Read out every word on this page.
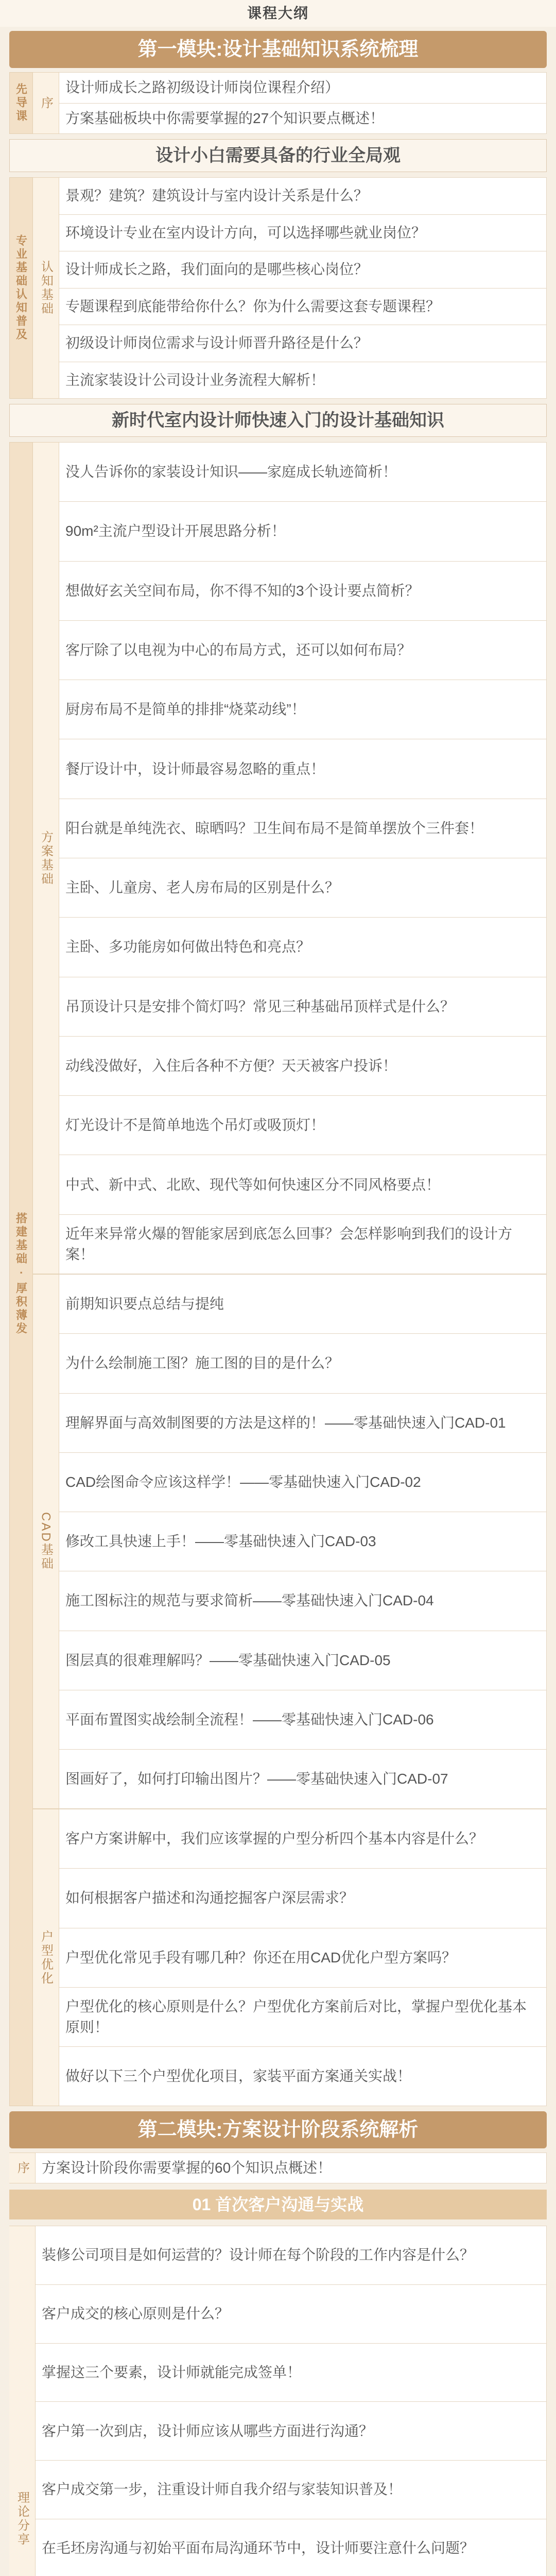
课程大纲
第一模块:设计基础知识系统梳理
先导课 序
设计师成长之路初级设计师岗位课程介绍）
方案基础板块中你需要掌握的27个知识要点概述！
设计小白需要具备的行业全局观
专业基础认知普及 认知基础
景观？建筑？建筑设计与室内设计关系是什么？
环境设计专业在室内设计方向，可以选择哪些就业岗位？
设计师成长之路，我们面向的是哪些核心岗位？
专题课程到底能带给你什么？你为什么需要这套专题课程？
初级设计师岗位需求与设计师晋升路径是什么？
主流家装设计公司设计业务流程大解析！
新时代室内设计师快速入门的设计基础知识
搭建基础 · 厚积薄发
方案基础
没人告诉你的家装设计知识——家庭成长轨迹简析！
90m²主流户型设计开展思路分析！
想做好玄关空间布局，你不得不知的3个设计要点简析？
客厅除了以电视为中心的布局方式，还可以如何布局？
厨房布局不是简单的排排“烧菜动线”！
餐厅设计中，设计师最容易忽略的重点！
阳台就是单纯洗衣、晾晒吗？卫生间布局不是简单摆放个三件套！
主卧、儿童房、老人房布局的区别是什么？
主卧、多功能房如何做出特色和亮点？
吊顶设计只是安排个简灯吗？常见三种基础吊顶样式是什么？
动线没做好，入住后各种不方便？天天被客户投诉！
灯光设计不是简单地选个吊灯或吸顶灯！
中式、新中式、北欧、现代等如何快速区分不同风格要点！
近年来异常火爆的智能家居到底怎么回事？会怎样影响到我们的设计方案！
CAD基础
前期知识要点总结与提纯
为什么绘制施工图？施工图的目的是什么？
理解界面与高效制图要的方法是这样的！——零基础快速入门CAD-01
CAD绘图命令应该这样学！——零基础快速入门CAD-02
修改工具快速上手！——零基础快速入门CAD-03
施工图标注的规范与要求简析——零基础快速入门CAD-04
图层真的很难理解吗？——零基础快速入门CAD-05
平面布置图实战绘制全流程！——零基础快速入门CAD-06
图画好了，如何打印输出图片？——零基础快速入门CAD-07
户型优化
客户方案讲解中，我们应该掌握的户型分析四个基本内容是什么？
如何根据客户描述和沟通挖掘客户深层需求？
户型优化常见手段有哪几种？你还在用CAD优化户型方案吗？
户型优化的核心原则是什么？户型优化方案前后对比，掌握户型优化基本原则！
做好以下三个户型优化项目，家装平面方案通关实战！
第二模块:方案设计阶段系统解析
序 方案设计阶段你需要掌握的60个知识点概述！
01 首次客户沟通与实战
理论分享
装修公司项目是如何运营的？设计师在每个阶段的工作内容是什么？
客户成交的核心原则是什么？
掌握这三个要素，设计师就能完成签单！
客户第一次到店，设计师应该从哪些方面进行沟通？
客户成交第一步，注重设计师自我介绍与家装知识普及！
在毛坯房沟通与初始平面布局沟通环节中，设计师要注意什么问题？
